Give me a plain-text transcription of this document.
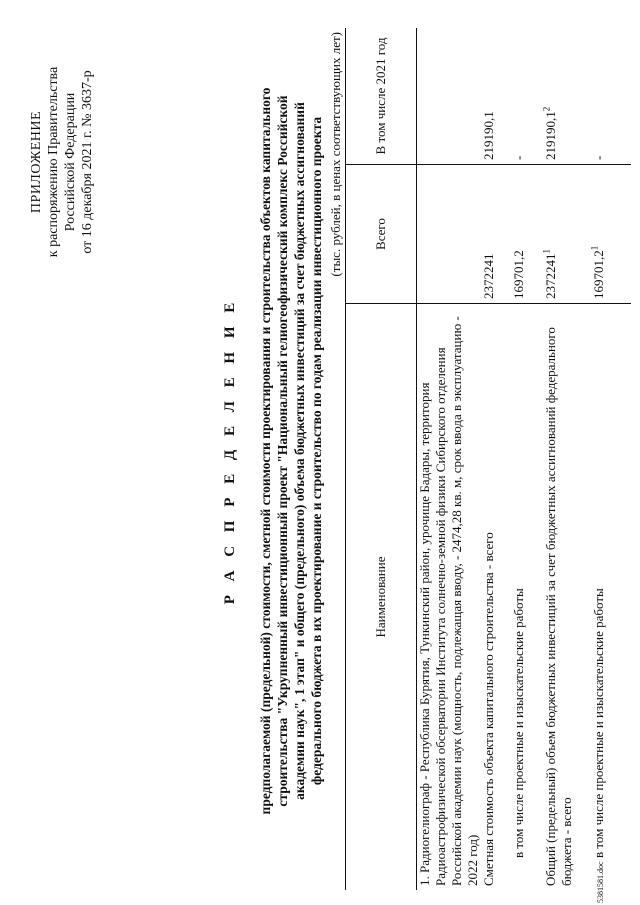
ПРИЛОЖЕНИЕ к распоряжению Правительства Российской Федерации от 16 декабря 2021 г. № 3637-р
Р А С П Р Е Д Е Л Е Н И Е предполагаемой (предельной) стоимости, сметной стоимости проектирования и строительства объектов капитального строительства "Укрупненный инвестиционный проект "Национальный гелиогеофизический комплекс Российской академии наук", 1 этап" и общего (предельного) объема бюджетных инвестиций за счет бюджетных ассигнований федерального бюджета в их проектирование и строительство по годам реализации инвестиционного проекта (тыс. рублей, в ценах соответствующих лет)
Наименование	Всего	В том числе 2021 год
1. Радиогелиограф - Республика Бурятия, Тункинский район, урочище Бадары, территория Радиоастрофизической обсерватории Института солнечно-земной физики Сибирского отделения Российской академии наук (мощность, подлежащая вводу, - 2474,28 кв. м, срок ввода в эксплуатацию - 2022 год)		
Сметная стоимость объекта капитального строительства - всего	2372241	219190,1
в том числе проектные и изыскательские работы	169701,2	-
Общий (предельный) объем бюджетных инвестиций за счет бюджетных ассигнований федерального бюджета - всего	2372241$^1$	219190,1$^2$
в том числе проектные и изыскательские работы	169701,2$^1$	-
5381581.doc
